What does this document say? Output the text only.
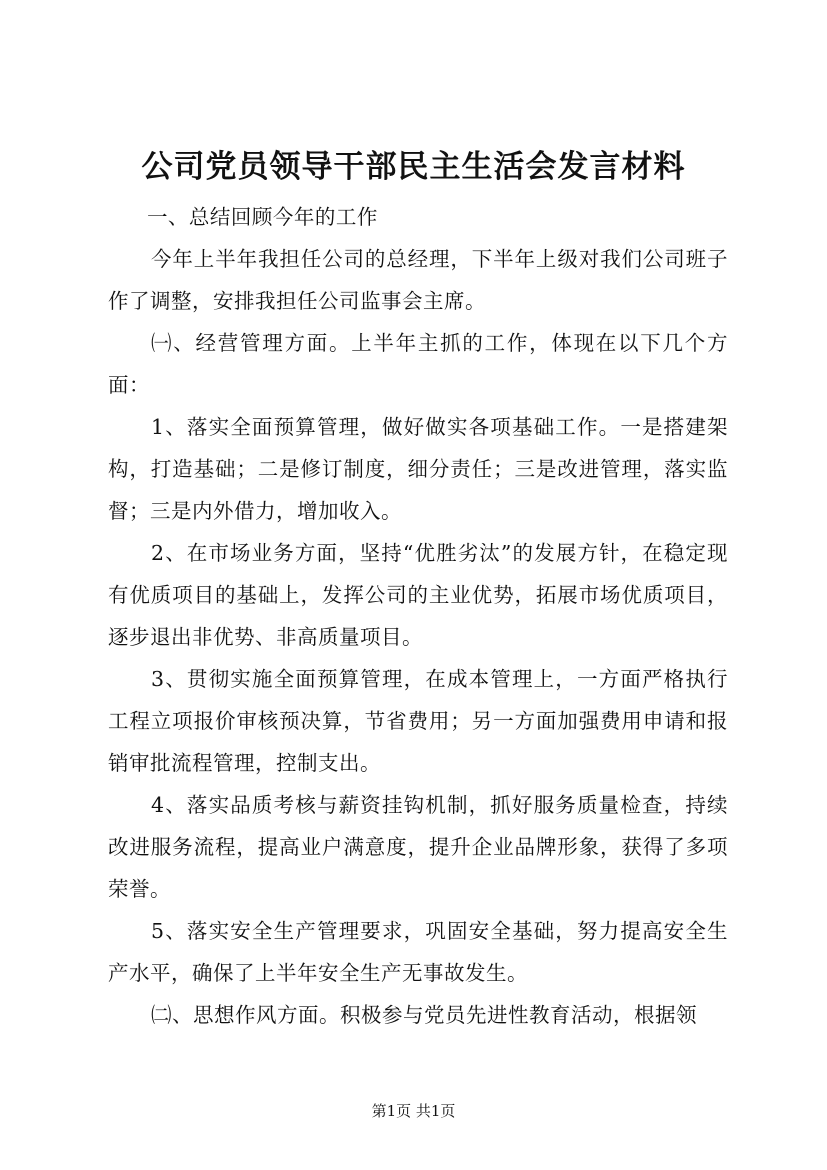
公司党员领导干部民主生活会发言材料

一、总结回顾今年的工作

今年上半年我担任公司的总经理，下半年上级对我们公司班子作了调整，安排我担任公司监事会主席。

㈠、经营管理方面。上半年主抓的工作，体现在以下几个方面：

1、落实全面预算管理，做好做实各项基础工作。一是搭建架构，打造基础；二是修订制度，细分责任；三是改进管理，落实监督；三是内外借力，增加收入。

2、在市场业务方面，坚持“优胜劣汰”的发展方针，在稳定现有优质项目的基础上，发挥公司的主业优势，拓展市场优质项目，逐步退出非优势、非高质量项目。

3、贯彻实施全面预算管理，在成本管理上，一方面严格执行工程立项报价审核预决算，节省费用；另一方面加强费用申请和报销审批流程管理，控制支出。

4、落实品质考核与薪资挂钩机制，抓好服务质量检查，持续改进服务流程，提高业户满意度，提升企业品牌形象，获得了多项荣誉。

5、落实安全生产管理要求，巩固安全基础，努力提高安全生产水平，确保了上半年安全生产无事故发生。

㈡、思想作风方面。积极参与党员先进性教育活动，根据领

第1页 共1页
